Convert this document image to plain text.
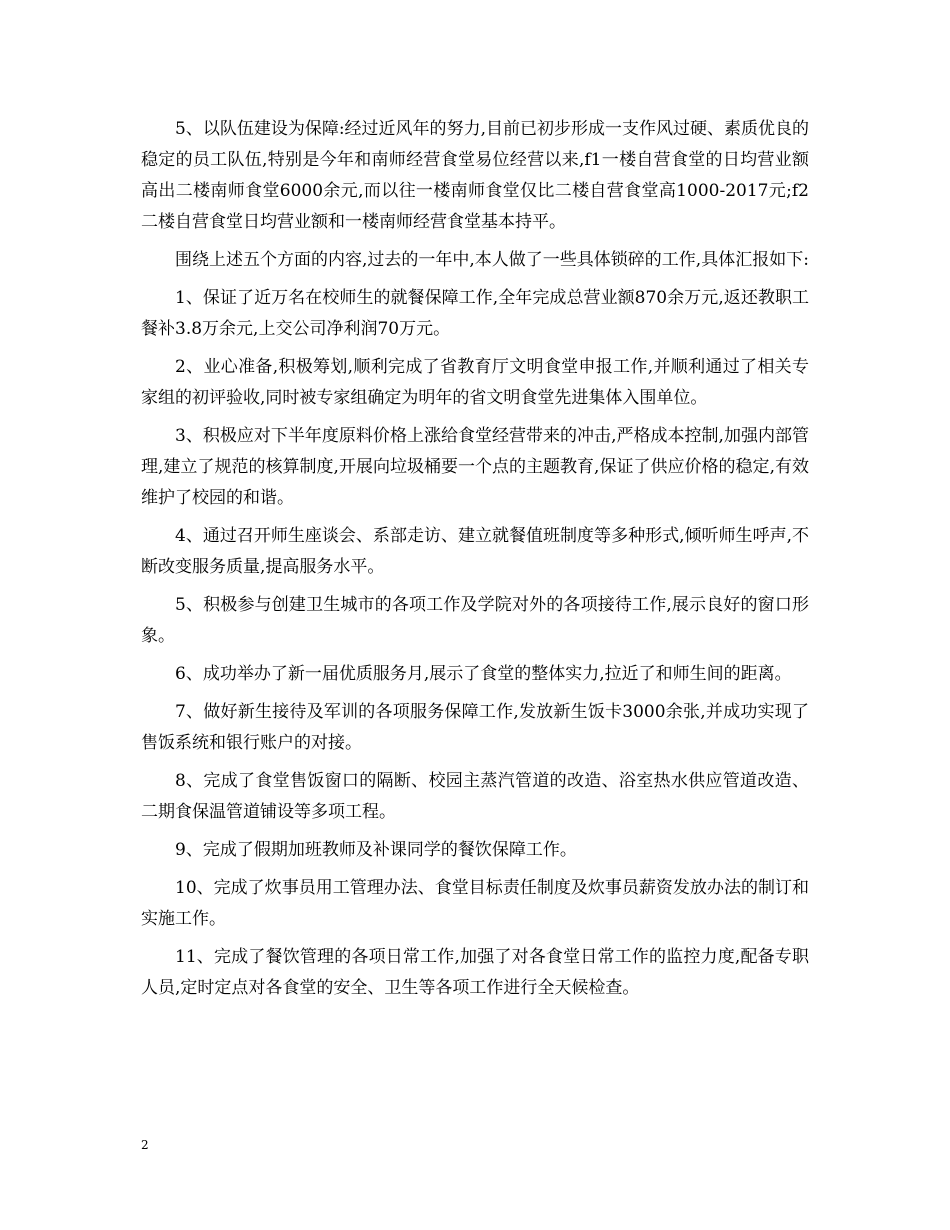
5、以队伍建设为保障:经过近风年的努力,目前已初步形成一支作风过硬、素质优良的稳定的员工队伍,特别是今年和南师经营食堂易位经营以来,f1一楼自营食堂的日均营业额高出二楼南师食堂6000余元,而以往一楼南师食堂仅比二楼自营食堂高1000-2017元;f2二楼自营食堂日均营业额和一楼南师经营食堂基本持平。

围绕上述五个方面的内容,过去的一年中,本人做了一些具体锁碎的工作,具体汇报如下:

1、保证了近万名在校师生的就餐保障工作,全年完成总营业额870余万元,返还教职工餐补3.8万余元,上交公司净利润70万元。

2、业心准备,积极筹划,顺利完成了省教育厅文明食堂申报工作,并顺利通过了相关专家组的初评验收,同时被专家组确定为明年的省文明食堂先进集体入围单位。

3、积极应对下半年度原料价格上涨给食堂经营带来的冲击,严格成本控制,加强内部管理,建立了规范的核算制度,开展向垃圾桶要一个点的主题教育,保证了供应价格的稳定,有效维护了校园的和谐。

4、通过召开师生座谈会、系部走访、建立就餐值班制度等多种形式,倾听师生呼声,不断改变服务质量,提高服务水平。

5、积极参与创建卫生城市的各项工作及学院对外的各项接待工作,展示良好的窗口形象。

6、成功举办了新一届优质服务月,展示了食堂的整体实力,拉近了和师生间的距离。

7、做好新生接待及军训的各项服务保障工作,发放新生饭卡3000余张,并成功实现了售饭系统和银行账户的对接。

8、完成了食堂售饭窗口的隔断、校园主蒸汽管道的改造、浴室热水供应管道改造、二期食保温管道铺设等多项工程。

9、完成了假期加班教师及补课同学的餐饮保障工作。

10、完成了炊事员用工管理办法、食堂目标责任制度及炊事员薪资发放办法的制订和实施工作。

11、完成了餐饮管理的各项日常工作,加强了对各食堂日常工作的监控力度,配备专职人员,定时定点对各食堂的安全、卫生等各项工作进行全天候检查。

2
